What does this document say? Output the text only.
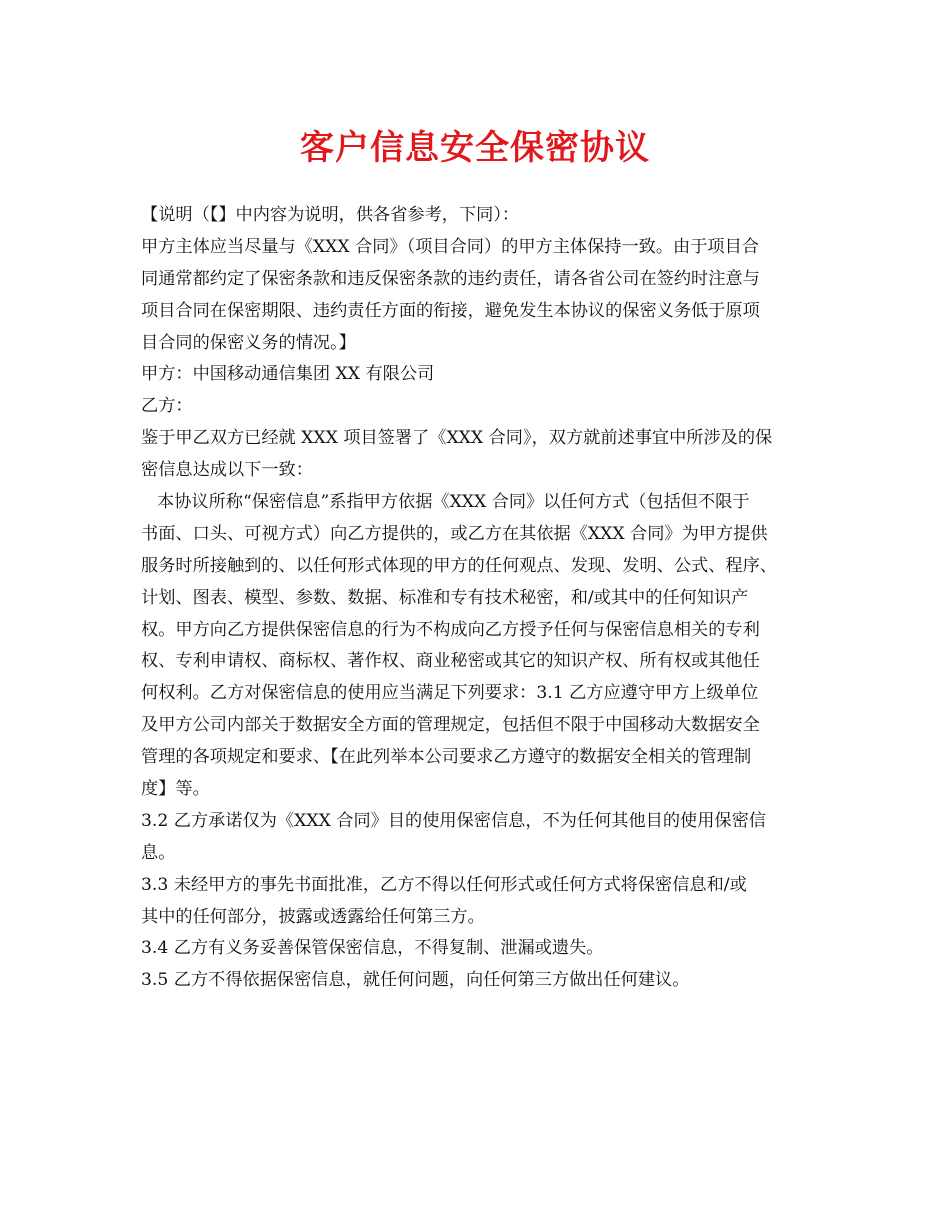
客户信息安全保密协议
【说明（【】中内容为说明，供各省参考，下同）：
甲方主体应当尽量与《XXX 合同》（项目合同）的甲方主体保持一致。由于项目合
同通常都约定了保密条款和违反保密条款的违约责任，请各省公司在签约时注意与
项目合同在保密期限、违约责任方面的衔接，避免发生本协议的保密义务低于原项
目合同的保密义务的情况。】
甲方：中国移动通信集团 XX 有限公司
乙方：
鉴于甲乙双方已经就 XXX 项目签署了《XXX 合同》，双方就前述事宜中所涉及的保
密信息达成以下一致：
本协议所称“保密信息”系指甲方依据《XXX 合同》以任何方式（包括但不限于
书面、口头、可视方式）向乙方提供的，或乙方在其依据《XXX 合同》为甲方提供
服务时所接触到的、以任何形式体现的甲方的任何观点、发现、发明、公式、程序、
计划、图表、模型、参数、数据、标准和专有技术秘密，和/或其中的任何知识产
权。甲方向乙方提供保密信息的行为不构成向乙方授予任何与保密信息相关的专利
权、专利申请权、商标权、著作权、商业秘密或其它的知识产权、所有权或其他任
何权利。乙方对保密信息的使用应当满足下列要求：3.1 乙方应遵守甲方上级单位
及甲方公司内部关于数据安全方面的管理规定，包括但不限于中国移动大数据安全
管理的各项规定和要求、【在此列举本公司要求乙方遵守的数据安全相关的管理制
度】等。
3.2 乙方承诺仅为《XXX 合同》目的使用保密信息，不为任何其他目的使用保密信
息。
3.3 未经甲方的事先书面批准，乙方不得以任何形式或任何方式将保密信息和/或
其中的任何部分，披露或透露给任何第三方。
3.4 乙方有义务妥善保管保密信息，不得复制、泄漏或遗失。
3.5 乙方不得依据保密信息，就任何问题，向任何第三方做出任何建议。
